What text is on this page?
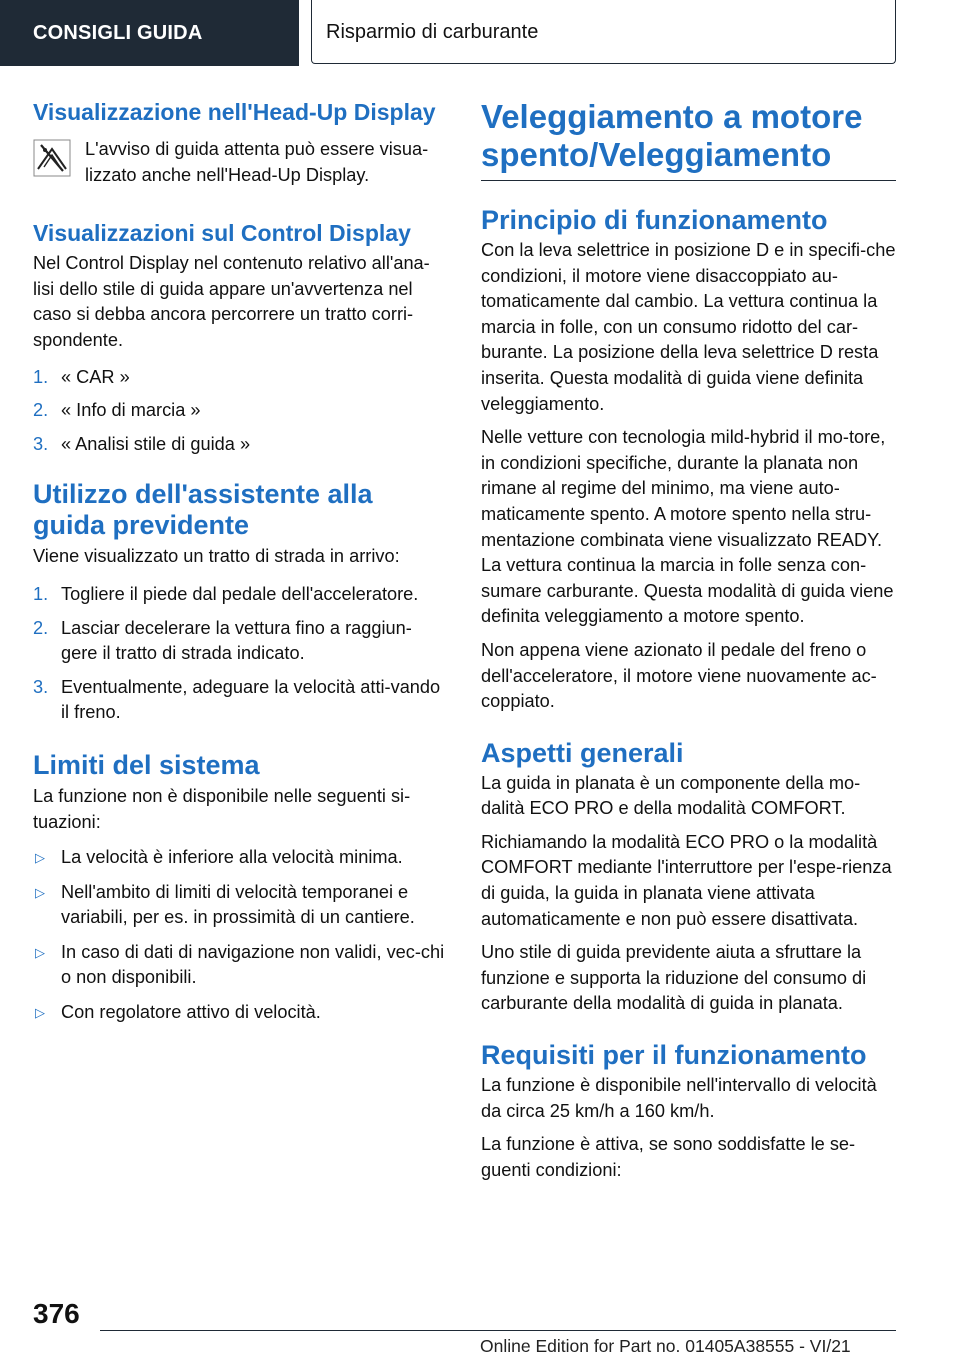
CONSIGLI GUIDA	Risparmio di carburante
Visualizzazione nell'Head-Up Display

L'avviso di guida attenta può essere visua-lizzato anche nell'Head-Up Display.

Visualizzazioni sul Control Display

Nel Control Display nel contenuto relativo all'ana-lisi dello stile di guida appare un'avvertenza nel caso si debba ancora percorrere un tratto corri-spondente.

1. « CAR »
2. « Info di marcia »
3. « Analisi stile di guida »
Utilizzo dell'assistente alla guida previdente

Viene visualizzato un tratto di strada in arrivo:

1. Togliere il piede dal pedale dell'acceleratore.
2. Lasciar decelerare la vettura fino a raggiun-gere il tratto di strada indicato.
3. Eventualmente, adeguare la velocità atti-vando il freno.
Limiti del sistema

La funzione non è disponibile nelle seguenti si-tuazioni:

▷ La velocità è inferiore alla velocità minima.
▷ Nell'ambito di limiti di velocità temporanei e variabili, per es. in prossimità di un cantiere.
▷ In caso di dati di navigazione non validi, vec-chi o non disponibili.
▷ Con regolatore attivo di velocità.
Veleggiamento a motore spento/Veleggiamento
Principio di funzionamento

Con la leva selettrice in posizione D e in specifi-che condizioni, il motore viene disaccoppiato au-tomaticamente dal cambio. La vettura continua la marcia in folle, con un consumo ridotto del car-burante. La posizione della leva selettrice D resta inserita. Questa modalità di guida viene definita veleggiamento.

Nelle vetture con tecnologia mild-hybrid il mo-tore, in condizioni specifiche, durante la planata non rimane al regime del minimo, ma viene auto-maticamente spento. A motore spento nella stru-mentazione combinata viene visualizzato READY. La vettura continua la marcia in folle senza con-sumare carburante. Questa modalità di guida viene definita veleggiamento a motore spento.

Non appena viene azionato il pedale del freno o dell'acceleratore, il motore viene nuovamente ac-coppiato.

Aspetti generali

La guida in planata è un componente della mo-dalità ECO PRO e della modalità COMFORT.

Richiamando la modalità ECO PRO o la modalità COMFORT mediante l'interruttore per l'espe-rienza di guida, la guida in planata viene attivata automaticamente e non può essere disattivata.

Uno stile di guida previdente aiuta a sfruttare la funzione e supporta la riduzione del consumo di carburante della modalità di guida in planata.

Requisiti per il funzionamento

La funzione è disponibile nell'intervallo di velocità da circa 25 km/h a 160 km/h.

La funzione è attiva, se sono soddisfatte le se-guenti condizioni:

376
Online Edition for Part no. 01405A38555 - VI/21
